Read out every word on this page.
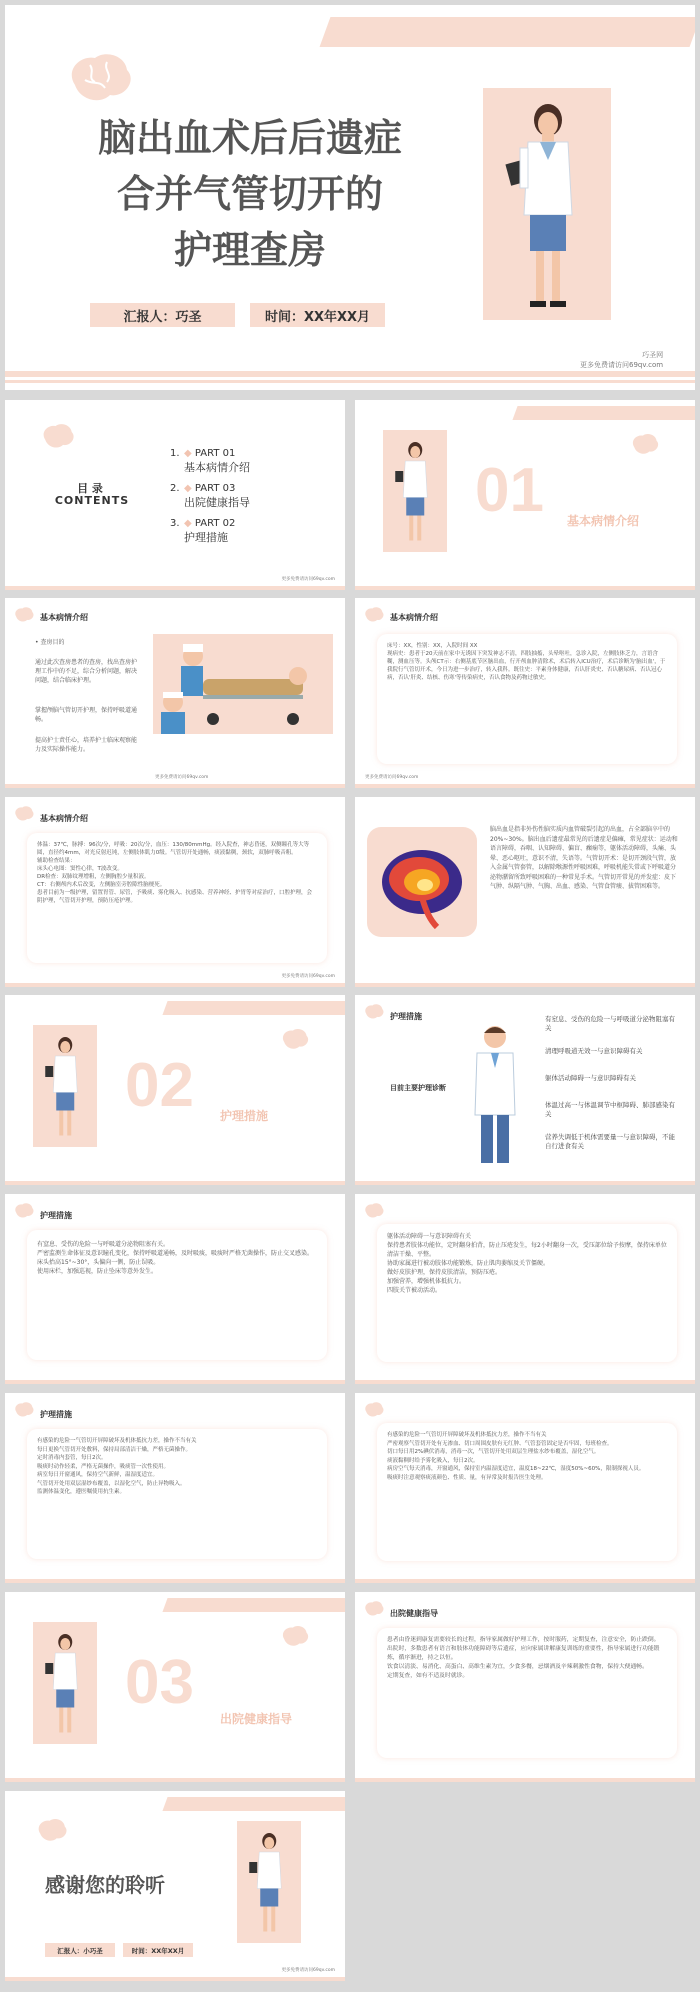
脑出血术后后遗症
合并气管切开的
护理查房
汇报人：巧圣	时间：XX年XX月
巧圣网
更多免费请访问69qv.com
目 录
CONTENTS
1. ◆ PART 01
基本病情介绍
2. ◆ PART 03
出院健康指导
3. ◆ PART 02
护理措施
更多免费请访问69qv.com
01 基本病情介绍
基本病情介绍
• 查房目的
通过此次查房患者的查房，找出查房护理工作中的不足，综合分析问题，解决问题，结合临床护理。
掌握颅脑气管切开护理，保持呼吸道通畅。
提高护士责任心，培养护士临床观察能力及实际操作能力。
更多免费请访问69qv.com
基本病情介绍
床号：XX，性别：XX，入院时间 XX
现病史：患者于20天前在家中无诱因下突发神志不清，四肢抽搐，头晕呕吐，急诊入院，左侧肢体乏力，言语含糊，测血压等。头颅CT示：右侧基底节区脑出血，行开颅血肿清除术，术后转入ICU治疗，术后诊断为'脑出血'，于我院行气管切开术，今日为进一步治疗，转入我科。既往史：平素身体健康，否认肝炎史、否认糖尿病、否认冠心病，否认'肝炎、结核、伤寒'等传染病史，否认食物及药物过敏史。
更多免费请访问69qv.com
基本病情介绍
体温：37℃，脉搏：96次/分，呼吸：20次/分，血压：130/80mmHg。经入院查，神志昏迷，双侧瞳孔等大等圆，直径约4mm，对光反射迟钝，左侧肢体肌力0级。气管切开处通畅，痰液黏稠，颈软，双肺呼吸音粗。
辅助检查结果：
床头心电图：窦性心律，T波改变。
DR检查：双肺纹理增粗，左侧胸腔少量积液。
CT：右侧颅内术后改变，左侧脑室旁腔隙性脑梗死。
患者目前为一级护理，留置胃管、尿管，予吸痰、雾化吸入、抗感染、营养神经、护胃等对症治疗，口腔护理，会阴护理，气管切开护理，预防压疮护理。
更多免费请访问69qv.com
脑出血是指非外伤性脑实质内血管破裂引起的出血，占全部脑卒中的20%~30%。脑出血后遗症最常见的后遗症是偏瘫，常见症状：运动和语言障碍，吞咽、认知障碍、偏盲、癫痫等，躯体活动障碍，头痛、头晕、恶心呕吐，意识不清，失语等。气管切开术：是切开颈段气管，放入金属气管套管，以解除喉源性呼吸困难，呼吸机能失常或下呼吸道分泌物潴留所致呼吸困难的一种常见手术。气管切开常见的并发症：皮下气肿、纵隔气肿、气胸、出血、感染、气管食管瘘、拔管困难等。
02 护理措施
护理措施
目前主要护理诊断
有窒息、受伤的危险一与呼吸道分泌物阻塞有关
清理呼吸道无效一与意识障碍有关
躯体活动障碍一与意识障碍有关
体温过高一与体温调节中枢障碍、肺部感染有关
营养失调低于机体需要量一与意识障碍，不能自行进食有关
护理措施
有窒息、受伤的危险一与呼吸道分泌物阻塞有关。
严密监测生命体征及意识瞳孔变化，保持呼吸道通畅，及时吸痰，吸痰时严格无菌操作，防止交叉感染。
床头抬高15°~30°，头偏向一侧，防止误吸。
使用床栏，加强巡视，防止坠床等意外发生。
躯体活动障碍一与意识障碍有关
保持患者肢体功能位，定时翻身拍背，防止压疮发生，每2小时翻身一次，受压部位给予按摩，保持床单位清洁干燥、平整。
协助家属进行被动肢体功能锻炼，防止肌肉萎缩及关节僵硬。
做好皮肤护理，保持皮肤清洁，预防压疮。
加强营养，增强机体抵抗力。
四肢关节被动活动。
护理措施
有感染的危险一气管切开屏障破坏及机体抵抗力差，操作不当有关
每日更换气管切开处敷料，保持局部清洁干燥，严格无菌操作。
定时消毒内套管，每日2次。
吸痰时动作轻柔，严格无菌操作，吸痰管一次性使用。
病室每日开窗通风，保持空气新鲜，温湿度适宜。
气管切开处用双层湿纱布覆盖，以湿化空气，防止异物吸入。
监测体温变化，遵医嘱使用抗生素。
有感染的危险一气管切开屏障破坏及机体抵抗力差，操作不当有关
严密观察气管切开处有无渗血、切口周围皮肤有无红肿、气管套管固定是否牢固，每班检查。
切口每日用2%碘伏消毒，消毒一次，气管切开处用双层生理盐水纱布覆盖，湿化空气。
痰液黏稠时给予雾化吸入，每日2次。
病房空气每天消毒，开窗通风，保持室内温湿度适宜，温度18~22℃，湿度50%~60%，限制探视人员。
吸痰时注意观察痰液颜色、性质、量，有异常及时报告医生处理。
03
出院健康指导
出院健康指导
患者由昏迷到康复需要较长的过程，指导家属做好护理工作，按时服药，定期复查，注意安全，防止跌倒。
出院时，多数患者有语言和肢体功能障碍等后遗症，应向家属讲解康复训练的重要性，指导家属进行功能锻炼，循序渐进，持之以恒。
饮食以清淡、易消化、高蛋白、高维生素为宜，少食多餐，忌烟酒及辛辣刺激性食物，保持大便通畅。
定期复查，如有不适及时就诊。
感谢您的聆听
汇报人：小巧圣	时间：XX年XX月
更多免费请访问69qv.com
